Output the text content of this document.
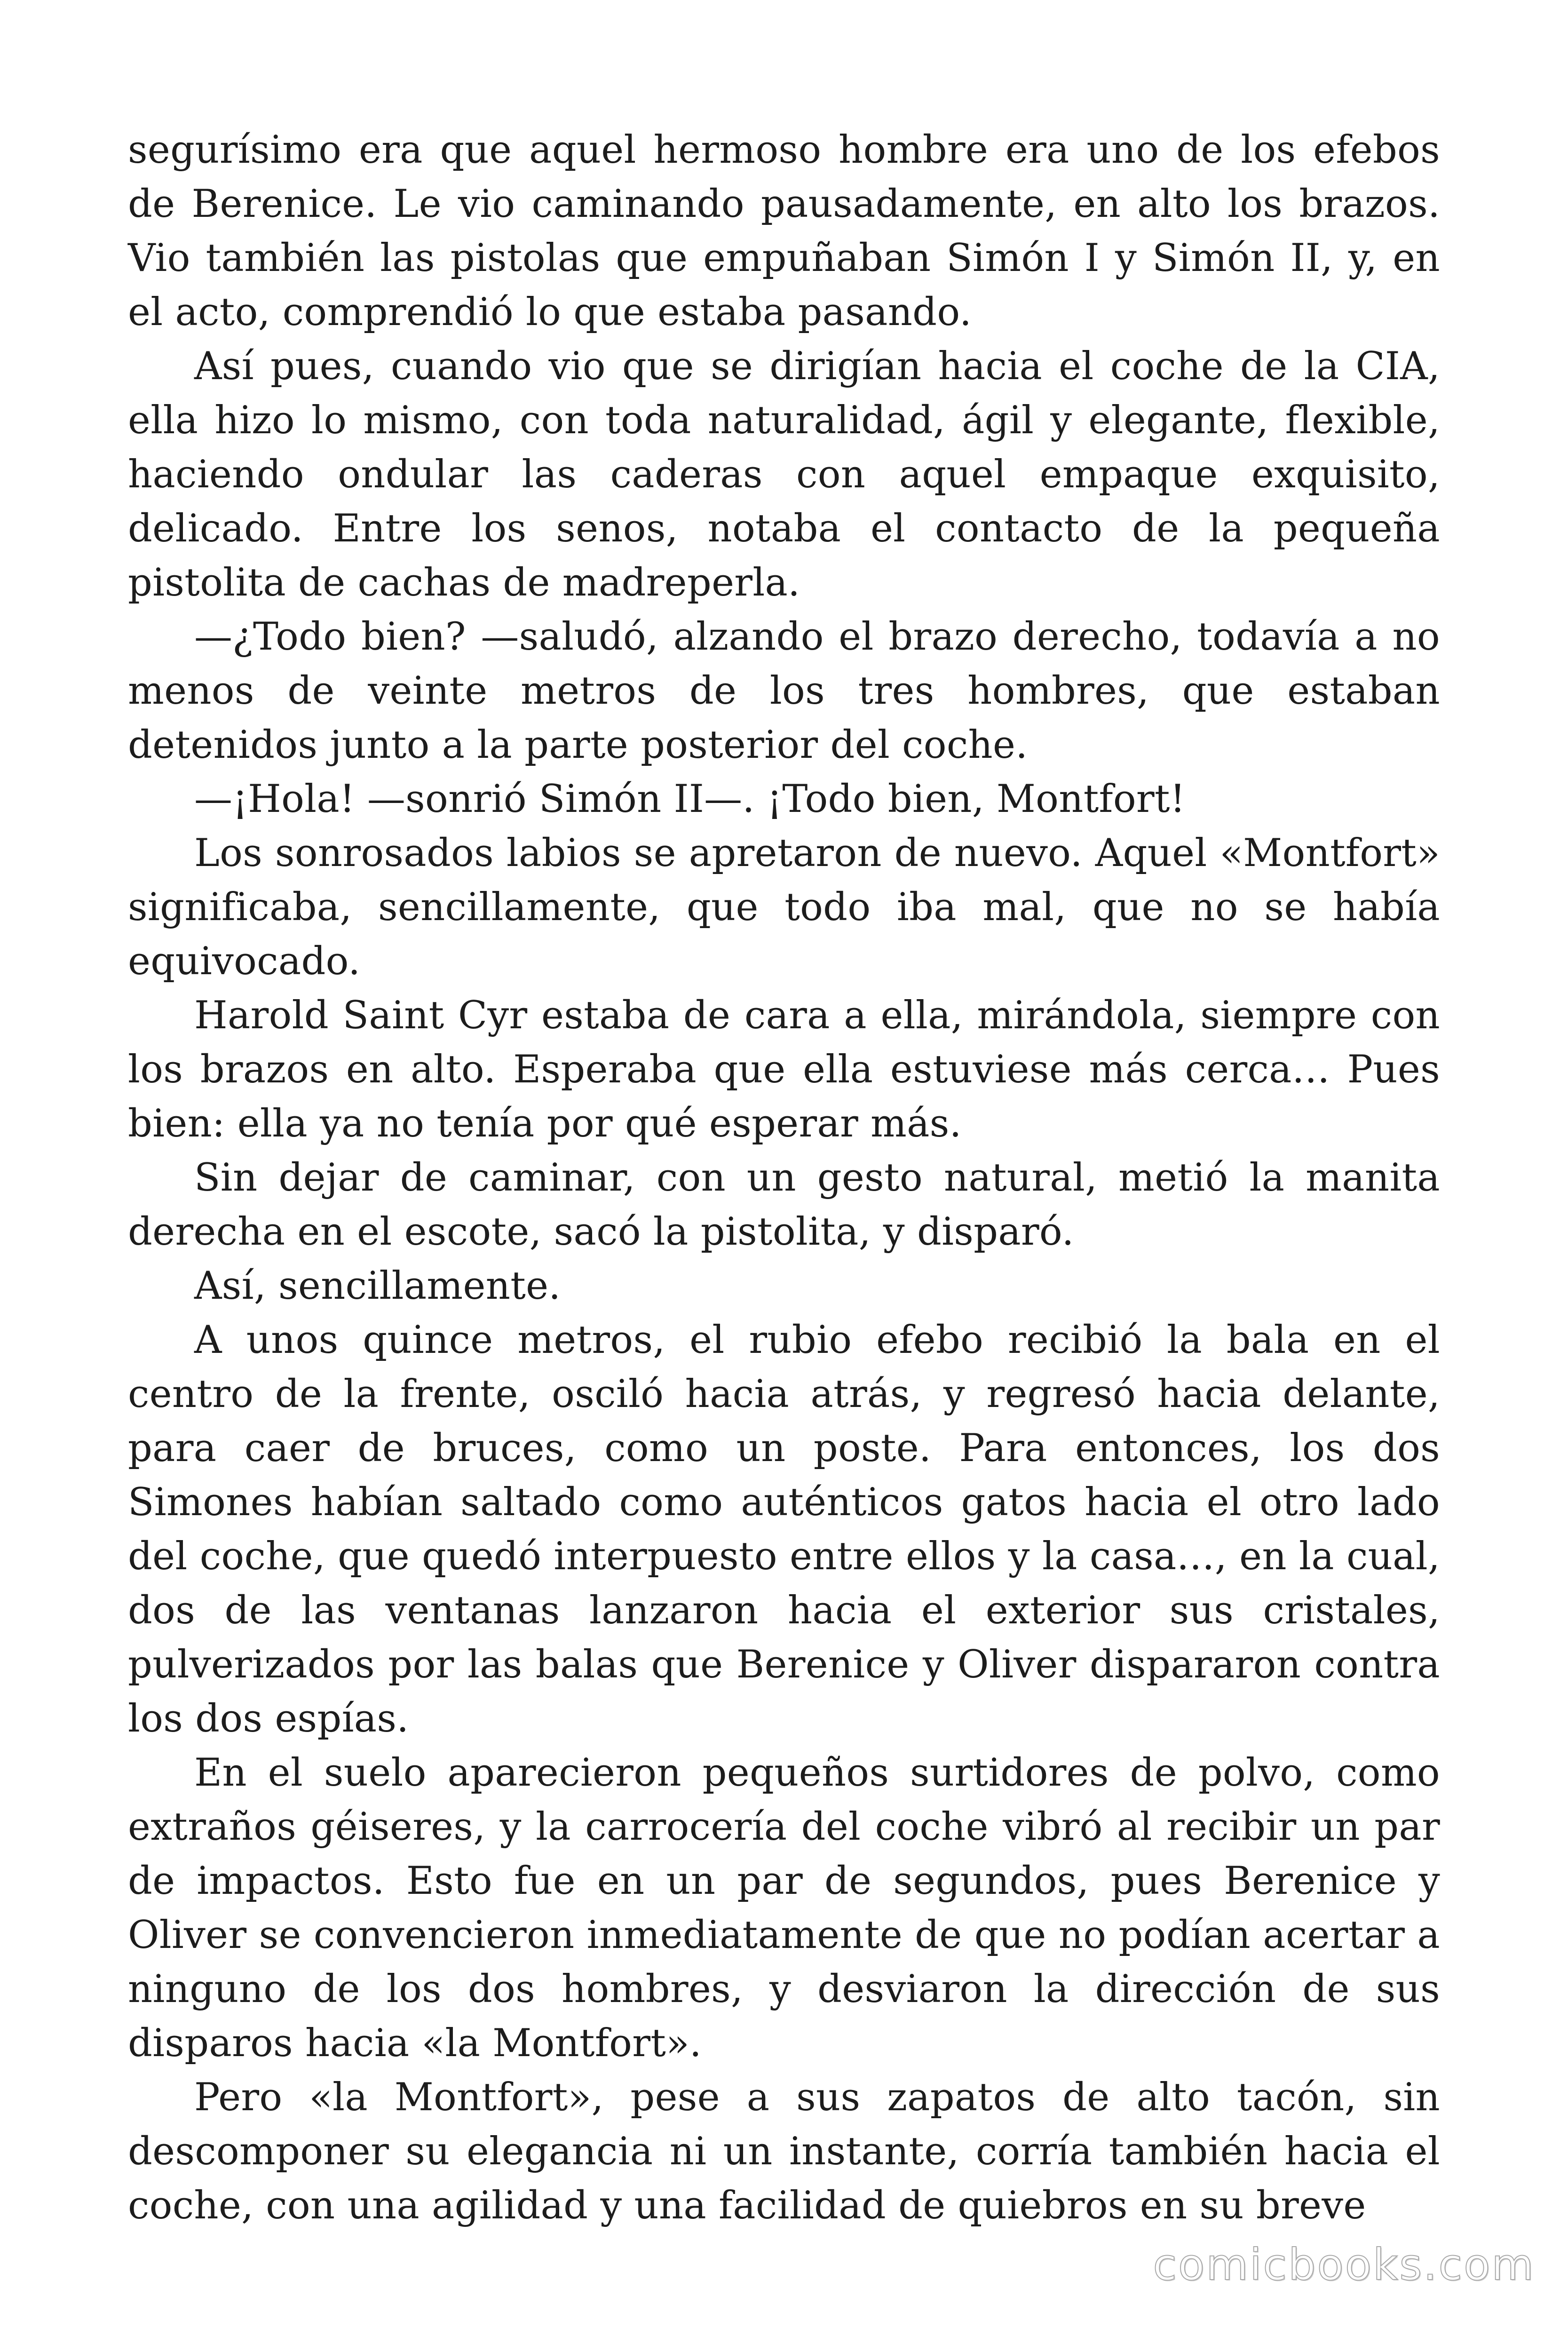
segurísimo era que aquel hermoso hombre era uno de los efebos de Berenice. Le vio caminando pausadamente, en alto los brazos. Vio también las pistolas que empuñaban Simón I y Simón II, y, en el acto, comprendió lo que estaba pasando.

Así pues, cuando vio que se dirigían hacia el coche de la CIA, ella hizo lo mismo, con toda naturalidad, ágil y elegante, flexible, haciendo ondular las caderas con aquel empaque exquisito, delicado. Entre los senos, notaba el contacto de la pequeña pistolita de cachas de madreperla.

—¿Todo bien? —saludó, alzando el brazo derecho, todavía a no menos de veinte metros de los tres hombres, que estaban detenidos junto a la parte posterior del coche.

—¡Hola! —sonrió Simón II—. ¡Todo bien, Montfort!

Los sonrosados labios se apretaron de nuevo. Aquel «Montfort» significaba, sencillamente, que todo iba mal, que no se había equivocado.

Harold Saint Cyr estaba de cara a ella, mirándola, siempre con los brazos en alto. Esperaba que ella estuviese más cerca… Pues bien: ella ya no tenía por qué esperar más.

Sin dejar de caminar, con un gesto natural, metió la manita derecha en el escote, sacó la pistolita, y disparó.

Así, sencillamente.

A unos quince metros, el rubio efebo recibió la bala en el centro de la frente, osciló hacia atrás, y regresó hacia delante, para caer de bruces, como un poste. Para entonces, los dos Simones habían saltado como auténticos gatos hacia el otro lado del coche, que quedó interpuesto entre ellos y la casa…, en la cual, dos de las ventanas lanzaron hacia el exterior sus cristales, pulverizados por las balas que Berenice y Oliver dispararon contra los dos espías.

En el suelo aparecieron pequeños surtidores de polvo, como extraños géiseres, y la carrocería del coche vibró al recibir un par de impactos. Esto fue en un par de segundos, pues Berenice y Oliver se convencieron inmediatamente de que no podían acertar a ninguno de los dos hombres, y desviaron la dirección de sus disparos hacia «la Montfort».

Pero «la Montfort», pese a sus zapatos de alto tacón, sin descomponer su elegancia ni un instante, corría también hacia el coche, con una agilidad y una facilidad de quiebros en su breve

comicbooks.com
